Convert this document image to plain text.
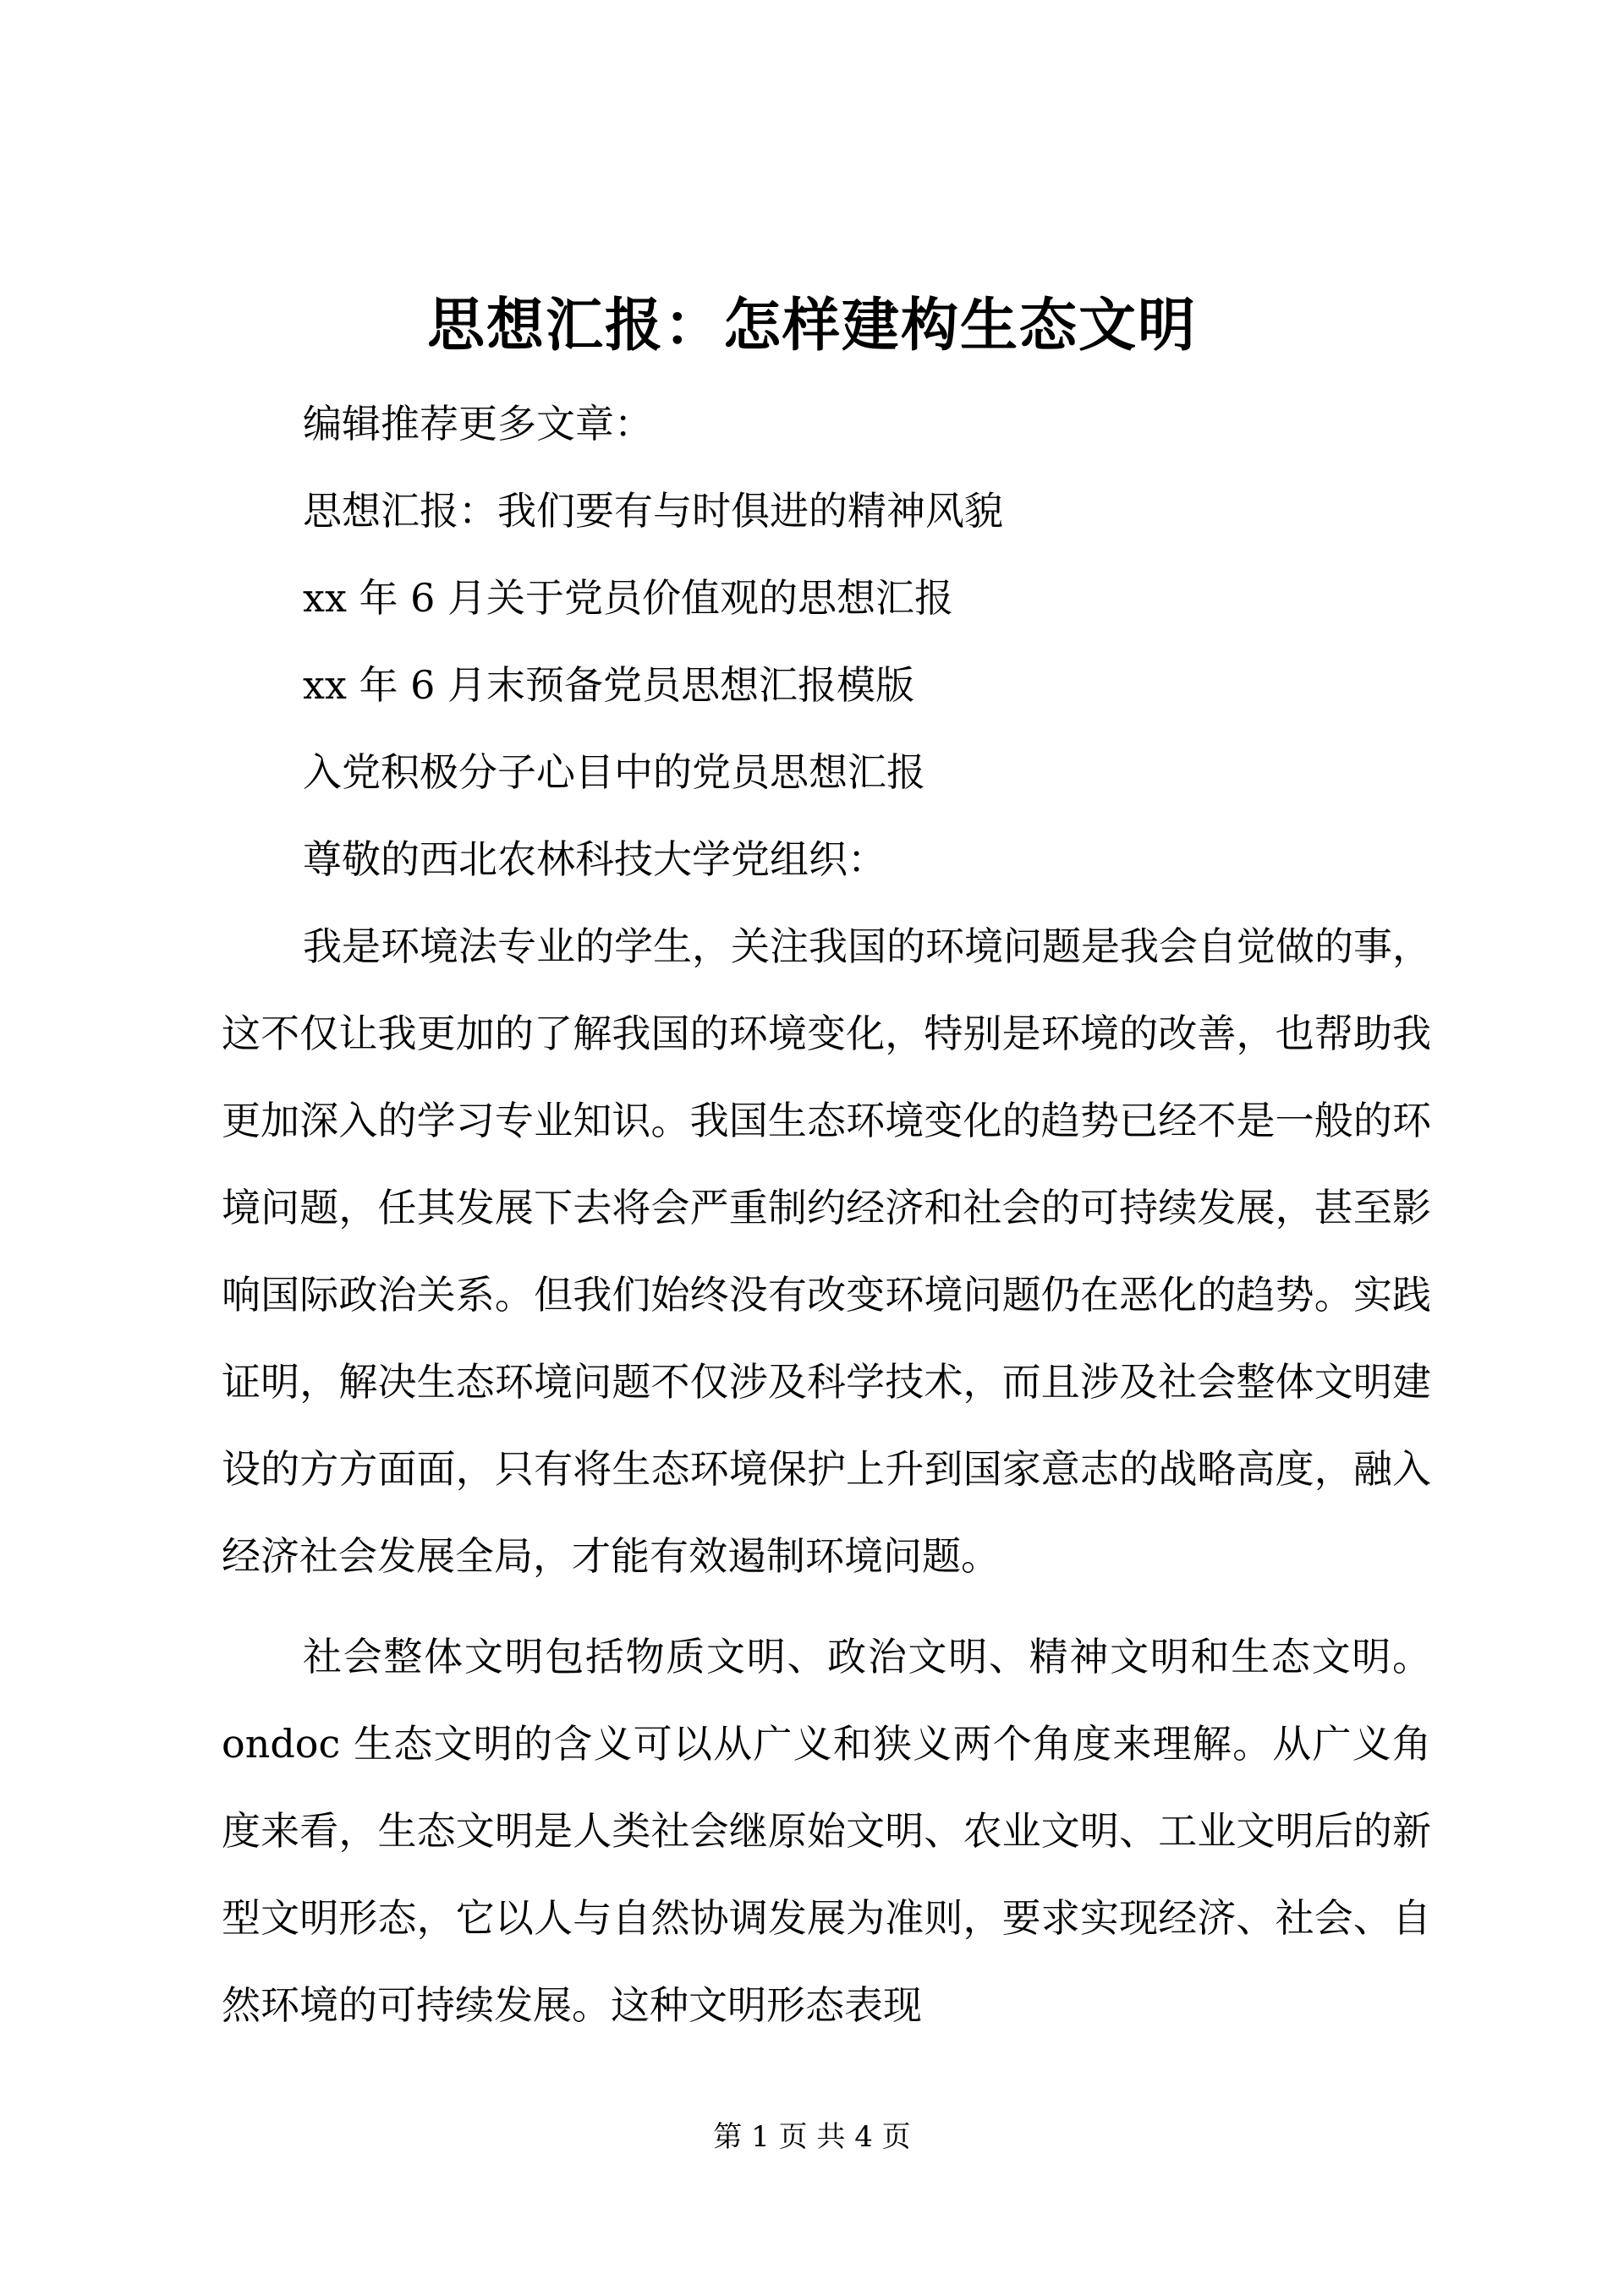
思想汇报：怎样建构生态文明

编辑推荐更多文章：

思想汇报：我们要有与时俱进的精神风貌

xx 年 6 月关于党员价值观的思想汇报

xx 年 6 月末预备党员思想汇报模版

入党积极分子心目中的党员思想汇报

尊敬的西北农林科技大学党组织：

我是环境法专业的学生，关注我国的环境问题是我会自觉做的事，这不仅让我更加的了解我国的环境变化，特别是环境的改善，也帮助我更加深入的学习专业知识。我国生态环境变化的趋势已经不是一般的环境问题，任其发展下去将会严重制约经济和社会的可持续发展，甚至影响国际政治关系。但我们始终没有改变环境问题仍在恶化的趋势。实践证明，解决生态环境问题不仅涉及科学技术，而且涉及社会整体文明建设的方方面面，只有将生态环境保护上升到国家意志的战略高度，融入经济社会发展全局，才能有效遏制环境问题。

社会整体文明包括物质文明、政治文明、精神文明和生态文明。ondoc 生态文明的含义可以从广义和狭义两个角度来理解。从广义角度来看，生态文明是人类社会继原始文明、农业文明、工业文明后的新型文明形态，它以人与自然协调发展为准则，要求实现经济、社会、自然环境的可持续发展。这种文明形态表现

第 1 页 共 4 页
